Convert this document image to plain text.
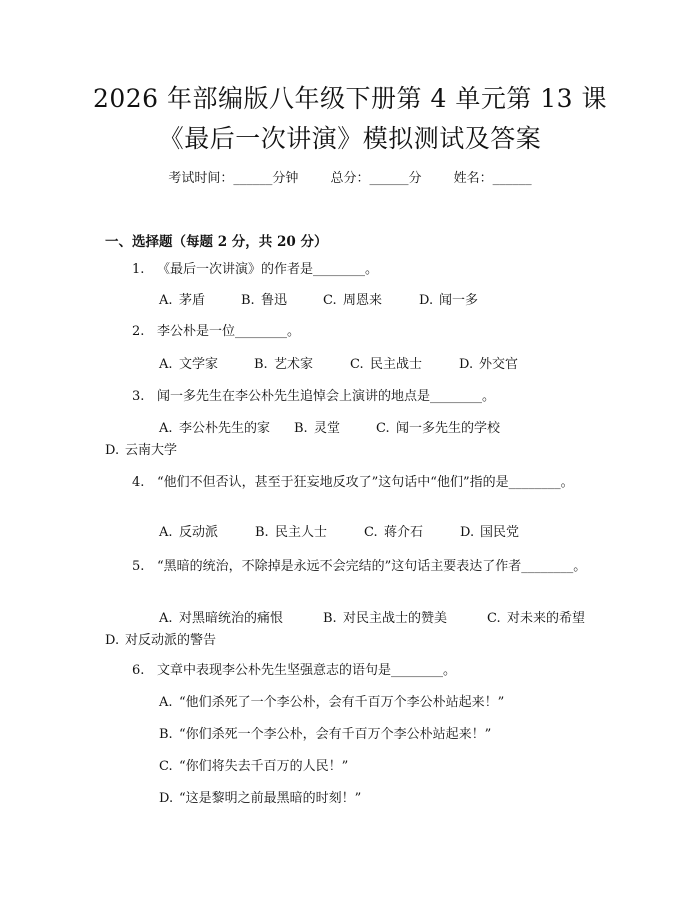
2026 年部编版八年级下册第 4 单元第 13 课
《最后一次讲演》模拟测试及答案
考试时间：______分钟 总分：______分 姓名：______
一、选择题（每题 2 分，共 20 分）
1. 《最后一次讲演》的作者是________。
A. 茅盾	B. 鲁迅	C. 周恩来	D. 闻一多
2. 李公朴是一位________。
A. 文学家	B. 艺术家	C. 民主战士	D. 外交官
3. 闻一多先生在李公朴先生追悼会上演讲的地点是________。
A. 李公朴先生的家 B. 灵堂	C. 闻一多先生的学校D. 云南大学
4. “他们不但否认，甚至于狂妄地反攻了”这句话中“他们”指的是________。
A. 反动派	B. 民主人士	C. 蒋介石	D. 国民党
5. “黑暗的统治，不除掉是永远不会完结的”这句话主要表达了作者________。
A. 对黑暗统治的痛恨	B. 对民主战士的赞美	C. 对未来的希望D. 对反动派的警告
6. 文章中表现李公朴先生坚强意志的语句是________。
A. “他们杀死了一个李公朴，会有千百万个李公朴站起来！”
B. “你们杀死一个李公朴，会有千百万个李公朴站起来！”
C. “你们将失去千百万的人民！”
D. “这是黎明之前最黑暗的时刻！”
